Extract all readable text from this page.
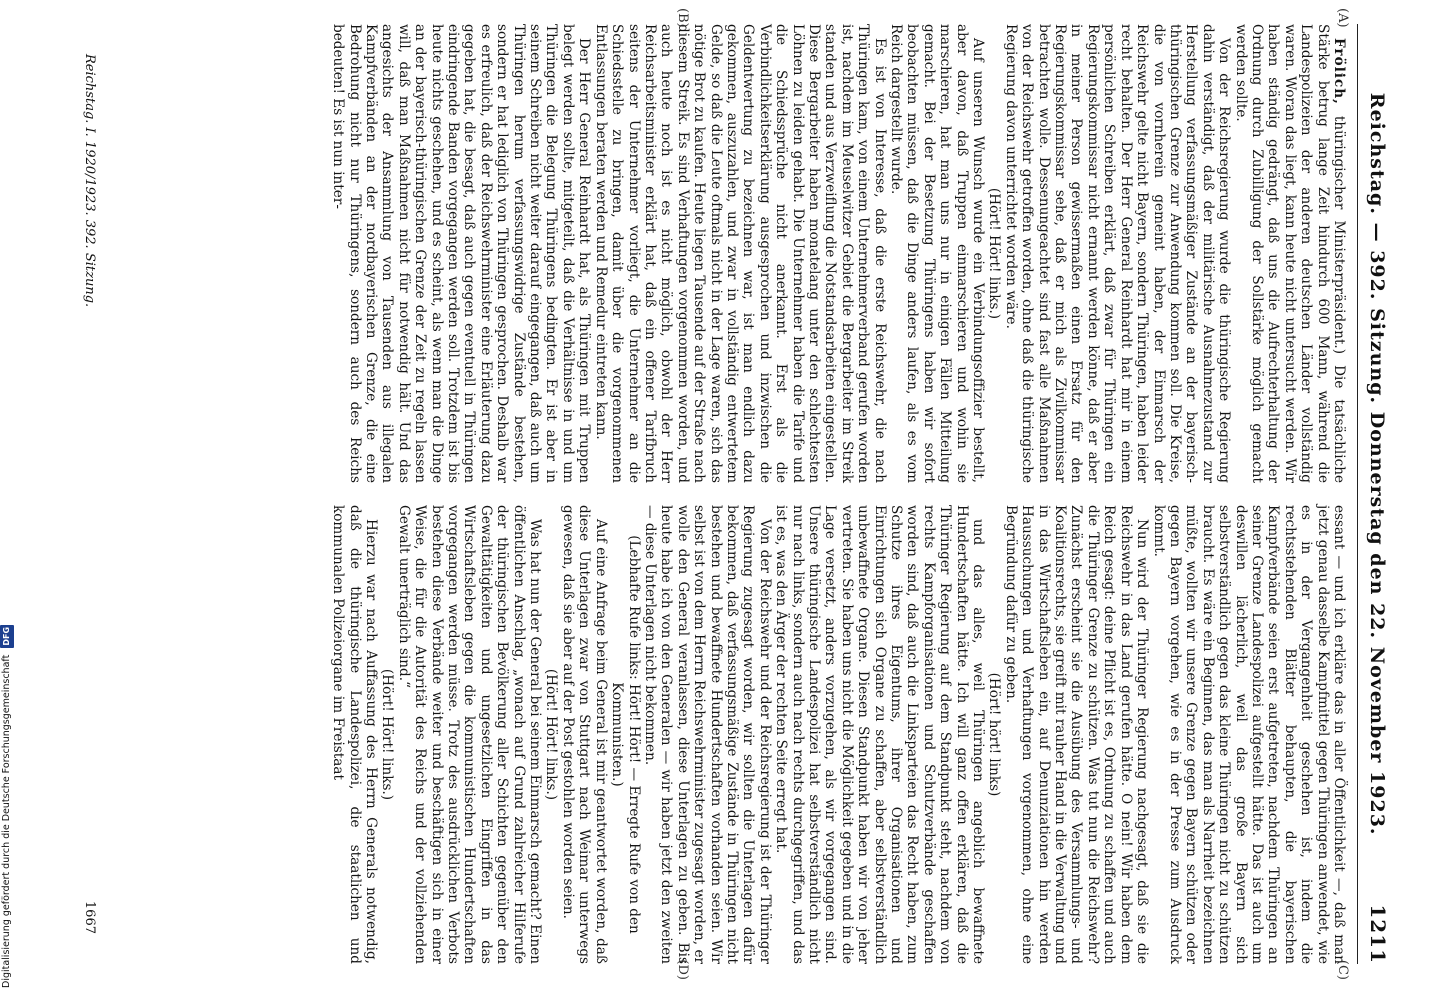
Reichstag. — 392. Sitzung. Donnerstag den 22. November 1923.
1211
(A)
(B)
(C)
(D)

Frölich, thüringischer Ministerpräsident.) Die tatsächliche Stärke betrug lange Zeit hindurch 600 Mann, während die Landespolizeien der anderen deutschen Länder vollständig waren. Woran das liegt, kann heute nicht untersucht werden. Wir haben ständig gedrängt, daß uns die Aufrechterhaltung der Ordnung durch Zubilligung der Sollstärke möglich gemacht werden sollte.

Von der Reichsregierung wurde die thüringische Regierung dahin verständigt, daß der militärische Ausnahmezustand zur Herstellung verfassungsmäßiger Zustände an der bayerisch-thüringischen Grenze zur Anwendung kommen soll. Die Kreise, die von vornherein gemeint haben, der Einmarsch der Reichswehr gelte nicht Bayern, sondern Thüringen, haben leider recht behalten. Der Herr General Reinhardt hat mir in einem persönlichen Schreiben erklärt, daß zwar für Thüringen ein Regierungskommissar nicht ernannt werden könne, daß er aber in meiner Person gewissermaßen einen Ersatz für den Regierungskommissar sehe, daß er mich als Zivilkommissar betrachten wolle. Dessenungeachtet sind fast alle Maßnahmen von der Reichswehr getroffen worden, ohne daß die thüringische Regierung davon unterrichtet worden wäre.

(Hört! Hört! links.)

Auf unseren Wunsch wurde ein Verbindungsoffizier bestellt, aber davon, daß Truppen einmarschieren und wohin sie marschieren, hat man uns nur in einigen Fällen Mitteilung gemacht. Bei der Besetzung Thüringens haben wir sofort beobachten müssen, daß die Dinge anders laufen, als es vom Reich dargestellt wurde.

Es ist von Interesse, daß die erste Reichswehr, die nach Thüringen kam, von einem Unternehmerverband gerufen worden ist, nachdem im Meuselwitzer Gebiet die Bergarbeiter im Streik standen und aus Verzweiflung die Notstandsarbeiten eingestellen. Diese Bergarbeiter haben monatelang unter den schlechtesten Löhnen zu leiden gehabt. Die Unternehmer haben die Tarife und die Schiedssprüche nicht anerkannt. Erst als die Verbindlichkeitserklärung ausgesprochen und inzwischen die Geldentwertung zu bezeichnen war, ist man endlich dazu gekommen, auszuzahlen, und zwar in vollständig entwertetem Gelde, so daß die Leute oftmals nicht in der Lage waren, sich das nötige Brot zu kaufen. Heute liegen Tausende auf der Straße nach diesem Streik. Es sind Verhaftungen vorgenommen worden, und auch heute noch ist es nicht möglich, obwohl der Herr Reichsarbeitsminister erklärt hat, daß ein offener Tarifbruch seitens der Unternehmer vorliegt, die Unternehmer an die Schiedsstelle zu bringen, damit über die vorgenommenen Entlassungen beraten werden und Remedur eintreten kann.

Der Herr General Reinhardt hat, als Thüringen mit Truppen belegt werden sollte, mitgeteilt, daß die Verhältnisse in und um Thüringen die Belegung Thüringens bedingten. Er ist aber in seinem Schreiben nicht weiter darauf eingegangen, daß auch um Thüringen herum verfassungswidrige Zustände bestehen, sondern er hat lediglich von Thüringen gesprochen. Deshalb war es erfreulich, daß der Reichswehrminister eine Erläuterung dazu gegeben hat, die besagt, daß auch gegen eventuell in Thüringen eindringende Banden vorgegangen werden soll. Trotzdem ist bis heute nichts geschehen, und es scheint, als wenn man die Dinge an der bayerisch-thüringischen Grenze der Zeit zu regeln lassen will, daß man Maßnahmen nicht für notwendig hält. Und das angesichts der Ansammlung von Tausenden aus illegalen Kampfverbänden an der nordbayerischen Grenze, die eine Bedrohung nicht nur Thüringens, sondern auch des Reichs bedeuten! Es ist nun inter-

essant — und ich erkläre das in aller Öffentlichkeit —, daß man jetzt genau dasselbe Kampfmittel gegen Thüringen anwendet, wie es in der Vergangenheit geschehen ist, indem die rechtsstehenden Blätter behaupten, die bayerischen Kampfverbände seien erst aufgetreten, nachdem Thüringen an seiner Grenze Landespolizei aufgestellt hätte. Das ist auch um deswillen lächerlich, weil das große Bayern sich selbstverständlich gegen das kleine Thüringen nicht zu schützen braucht. Es wäre ein Beginnen, das man als Narrheit bezeichnen müßte, wollten wir unsere Grenze gegen Bayern schützen oder gegen Bayern vorgehen, wie es in der Presse zum Ausdruck kommt.

Nun wird der Thüringer Regierung nachgesagt, daß sie die Reichswehr in das Land gerufen hätte. O nein! Wir haben dem Reich gesagt: deine Pflicht ist es, Ordnung zu schaffen und auch die Thüringer Grenze zu schützen. Was tut nun die Reichswehr? Zunächst erscheint sie die Ausübung des Versammlungs- und Koalitionsrechts, sie greift mit rauher Hand in die Verwaltung und in das Wirtschaftsleben ein, auf Denunziationen hin werden Haussuchungen und Verhaftungen vorgenommen, ohne eine Begründung dafür zu geben.

(Hört! hört! links)

und das alles, weil Thüringen angeblich bewaffnete Hundertschaften hätte. Ich will ganz offen erklären, daß die Thüringer Regierung auf dem Standpunkt steht, nachdem von rechts Kampforganisationen und Schutzverbände geschaffen worden sind, daß auch die Linksparteien das Recht haben, zum Schutze ihres Eigentums, ihrer Organisationen und Einrichtungen sich Organe zu schaffen, aber selbstverständlich unbewaffnete Organe. Diesen Standpunkt haben wir von jeher vertreten. Sie haben uns nicht die Möglichkeit gegeben und in die Lage versetzt, anders vorzugehen, als wir vorgegangen sind. Unsere thüringische Landespolizei hat selbstverständlich nicht nur nach links, sondern auch nach rechts durchgegriffen, und das ist es, was den Ärger der rechten Seite erregt hat.

Von der Reichswehr und der Reichsregierung ist der Thüringer Regierung zugesagt worden, wir sollten die Unterlagen dafür bekommen, daß verfassungsmäßige Zustände in Thüringen nicht bestehen und bewaffnete Hundertschaften vorhanden seien. Wir selbst ist von dem Herrn Reichswehrminister zugesagt worden, er wolle den General veranlassen, diese Unterlagen zu geben. Bis heute habe ich von den Generalen — wir haben jetzt den zweiten — diese Unterlagen nicht bekommen.

(Lebhafte Rufe links: Hört! Hört! — Erregte Rufe von den Kommunisten.)

Auf eine Anfrage beim General ist mir geantwortet worden, daß diese Unterlagen zwar von Stuttgart nach Weimar unterwegs gewesen, daß sie aber auf der Post gestohlen worden seien.

(Hört! Hört! links.)

Was hat nun der General bei seinem Einmarsch gemacht? Einen öffentlichen Anschlag, „wonach auf Grund zahlreicher Hilferufe der thüringischen Bevölkerung aller Schichten gegenüber den Gewalttätigkeiten und ungesetzlichen Eingriffen in das Wirtschaftsleben gegen die kommunistischen Hundertschaften vorgegangen werden müsse. Trotz des ausdrücklichen Verbots bestehen diese Verbände weiter und beschäftigen sich in einer Weise, die für die Autorität des Reichs und der vollziehenden Gewalt unerträglich sind.“

(Hört! Hört! links.)

Hierzu war nach Auffassung des Herrn Generals notwendig, daß die thüringische Landespolizei, die staatlichen und kommunalen Polizeiorgane im Freistaat

Reichstag. I. 1920/1923. 392. Sitzung.
1667
Digitalisierung gefördert durch die Deutsche Forschungsgemeinschaft DFG
